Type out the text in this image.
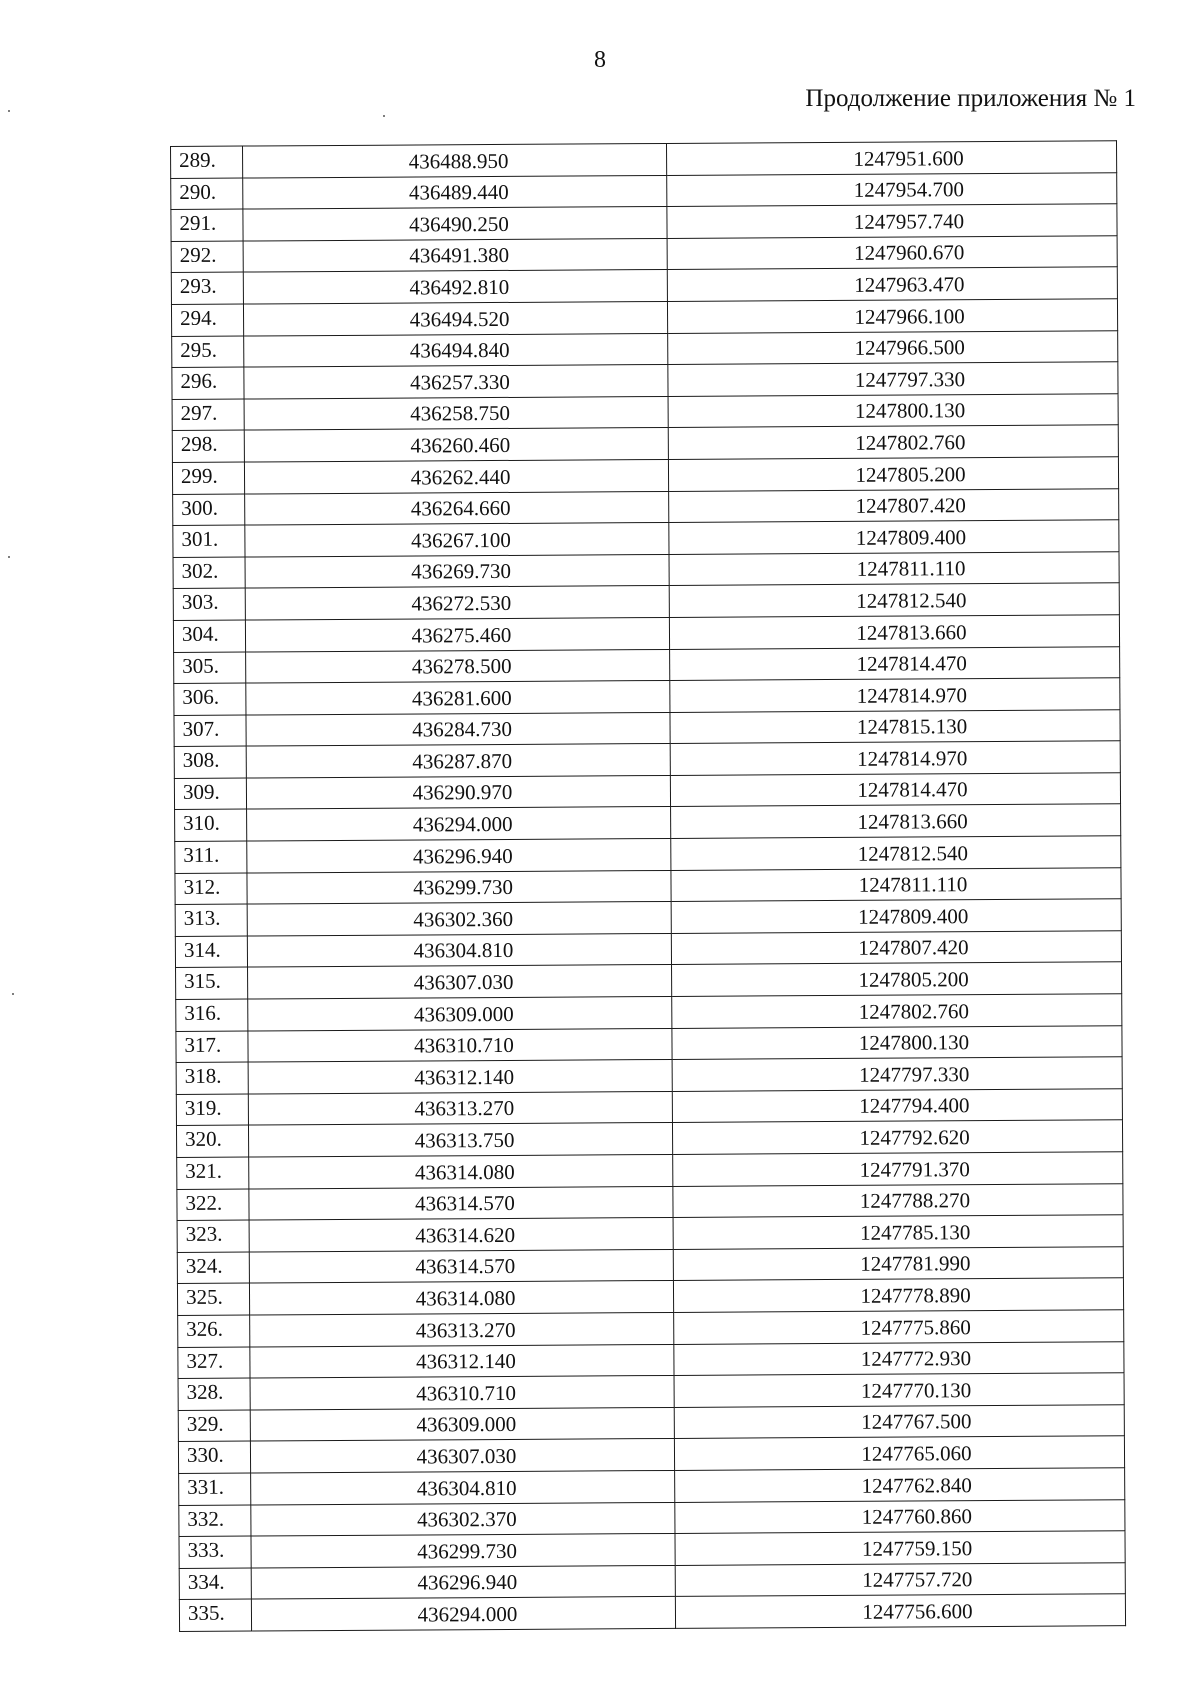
8
Продолжение приложения № 1
289.	436488.950	1247951.600
290.	436489.440	1247954.700
291.	436490.250	1247957.740
292.	436491.380	1247960.670
293.	436492.810	1247963.470
294.	436494.520	1247966.100
295.	436494.840	1247966.500
296.	436257.330	1247797.330
297.	436258.750	1247800.130
298.	436260.460	1247802.760
299.	436262.440	1247805.200
300.	436264.660	1247807.420
301.	436267.100	1247809.400
302.	436269.730	1247811.110
303.	436272.530	1247812.540
304.	436275.460	1247813.660
305.	436278.500	1247814.470
306.	436281.600	1247814.970
307.	436284.730	1247815.130
308.	436287.870	1247814.970
309.	436290.970	1247814.470
310.	436294.000	1247813.660
311.	436296.940	1247812.540
312.	436299.730	1247811.110
313.	436302.360	1247809.400
314.	436304.810	1247807.420
315.	436307.030	1247805.200
316.	436309.000	1247802.760
317.	436310.710	1247800.130
318.	436312.140	1247797.330
319.	436313.270	1247794.400
320.	436313.750	1247792.620
321.	436314.080	1247791.370
322.	436314.570	1247788.270
323.	436314.620	1247785.130
324.	436314.570	1247781.990
325.	436314.080	1247778.890
326.	436313.270	1247775.860
327.	436312.140	1247772.930
328.	436310.710	1247770.130
329.	436309.000	1247767.500
330.	436307.030	1247765.060
331.	436304.810	1247762.840
332.	436302.370	1247760.860
333.	436299.730	1247759.150
334.	436296.940	1247757.720
335.	436294.000	1247756.600
